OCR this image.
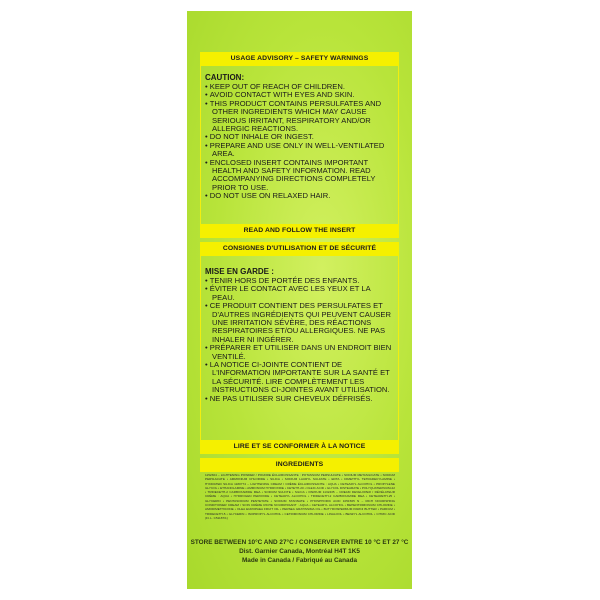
USAGE ADVISORY – SAFETY WARNINGS
CAUTION:
• KEEP OUT OF REACH OF CHILDREN.
• AVOID CONTACT WITH EYES AND SKIN.
• THIS PRODUCT CONTAINS PERSULFATES AND OTHER INGREDIENTS WHICH MAY CAUSE SERIOUS IRRITANT, RESPIRATORY AND/OR ALLERGIC REACTIONS.
• DO NOT INHALE OR INGEST.
• PREPARE AND USE ONLY IN WELL-VENTILATED AREA.
• ENCLOSED INSERT CONTAINS IMPORTANT HEALTH AND SAFETY INFORMATION. READ ACCOMPANYING DIRECTIONS COMPLETELY PRIOR TO USE.
• DO NOT USE ON RELAXED HAIR.
READ AND FOLLOW THE INSERT
CONSIGNES D'UTILISATION ET DE SÉCURITÉ
MISE EN GARDE :
• TENIR HORS DE PORTÉE DES ENFANTS.
• ÉVITER LE CONTACT AVEC LES YEUX ET LA PEAU.
• CE PRODUIT CONTIENT DES PERSULFATES ET D'AUTRES INGRÉDIENTS QUI PEUVENT CAUSER UNE IRRITATION SÉVÈRE, DES RÉACTIONS RESPIRATOIRES ET/OU ALLERGIQUES. NE PAS INHALER NI INGÉRER.
• PRÉPARER ET UTILISER DANS UN ENDROIT BIEN VENTILÉ.
• LA NOTICE CI-JOINTE CONTIENT DE L'INFORMATION IMPORTANTE SUR LA SANTÉ ET LA SÉCURITÉ. LIRE COMPLÈTEMENT LES INSTRUCTIONS CI-JOINTES AVANT UTILISATION.
• NE PAS UTILISER SUR CHEVEUX DÉFRISÉS.
LIRE ET SE CONFORMER À LA NOTICE
INGREDIENTS
1152304 – LIGHTENING POWDER / POUDRE ÉCLAIRCISSANTE : POTASSIUM PERSULFATE • SODIUM METASILICATE • SODIUM PERSULFATE • AMMONIUM CHLORIDE • SILICA • SODIUM LAURYL SULFATE • EDTA • DIMETHYL TETRADECYLAMINE • HYDRATED SILICA 1180774 – LIGHTENING CREAM / CRÈME ÉCLAIRCISSANTE : AQUA • CETEARYL ALCOHOL • PROPYLENE GLYCOL • ETHANOLAMINE • AMMONIUM HYDROXIDE • CETETH-20 • OLEIC ACID • GLYCOL DISTEARATE • POLYQUATERNIUM-22 • TRIDECETH-2 CARBOXAMIDE MEA • SODIUM SULFITE • SILICA • PARFUM 1132435 – CREAM DEVELOPER / RÉVÉLATEUR CRÈME : AQUA • HYDROGEN PEROXIDE • CETEARYL ALCOHOL • TRIDECETH-2 CARBOXAMIDE MEA • CETEARETH-25 • GLYCERIN • PENTASODIUM PENTETATE • SODIUM STANNATE • PHOSPHORIC ACID 1051565 N – RICH NOURISHING CONDITIONER CREAM / SOIN CRÈME RICHE NOURRISSANT : AQUA • CETEARYL ALCOHOL • BEHENTRIMONIUM CHLORIDE • AMODIMETHICONE • OLEA EUROPAEA FRUIT OIL • PERSEA GRATISSIMA OIL • BUTYROSPERMUM PARKII BUTTER • PARFUM • TRIDECETH-5 • GLYCERIN • ISOPROPYL ALCOHOL • CETRIMONIUM CHLORIDE • LINALOOL • BENZYL ALCOHOL • CITRIC ACID (F.I.L. C51187/1)
STORE BETWEEN 10°C AND 27°C / CONSERVER ENTRE 10 °C ET 27 °C
Dist. Garnier Canada, Montréal H4T 1K5
Made in Canada / Fabriqué au Canada
